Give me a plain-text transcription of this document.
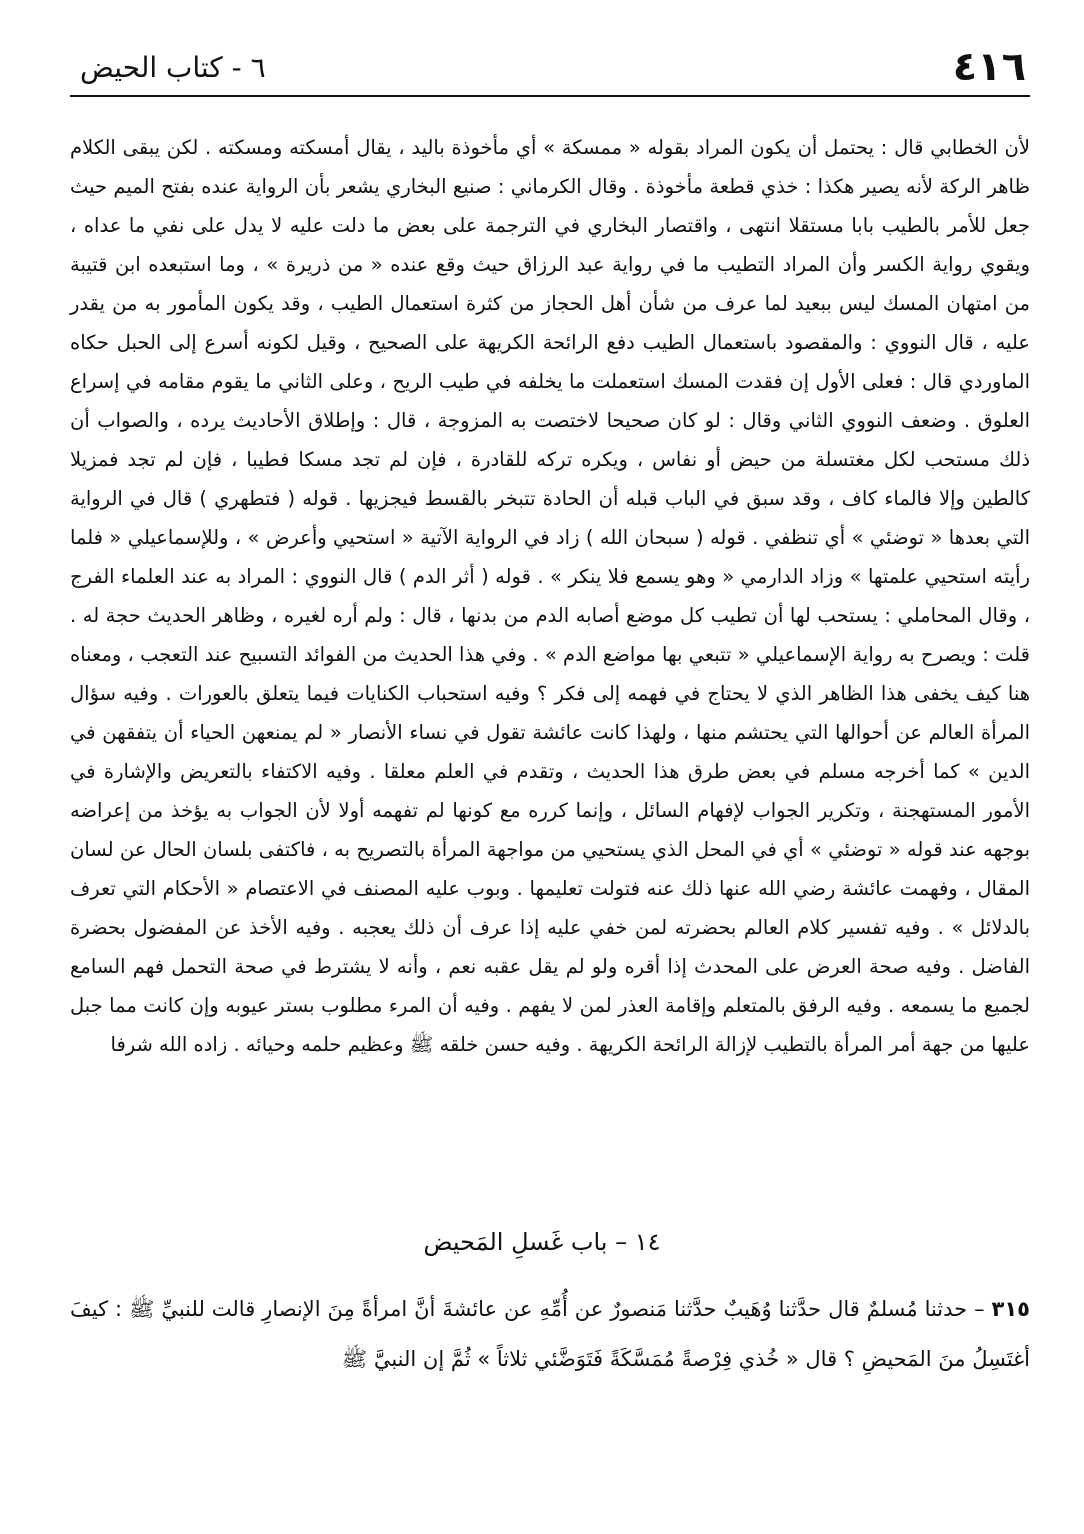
٤١٦
٦ - كتاب الحيض

لأن الخطابي قال : يحتمل أن يكون المراد بقوله « ممسكة » أي مأخوذة باليد ، يقال أمسكته ومسكته . لكن يبقى الكلام ظاهر الركة لأنه يصير هكذا : خذي قطعة مأخوذة . وقال الكرماني : صنيع البخاري يشعر بأن الرواية عنده بفتح الميم حيث جعل للأمر بالطيب بابا مستقلا انتهى ، واقتصار البخاري في الترجمة على بعض ما دلت عليه لا يدل على نفي ما عداه ، ويقوي رواية الكسر وأن المراد التطيب ما في رواية عبد الرزاق حيث وقع عنده « من ذريرة » ، وما استبعده ابن قتيبة من امتهان المسك ليس ببعيد لما عرف من شأن أهل الحجاز من كثرة استعمال الطيب ، وقد يكون المأمور به من يقدر عليه ، قال النووي : والمقصود باستعمال الطيب دفع الرائحة الكريهة على الصحيح ، وقيل لكونه أسرع إلى الحبل حكاه الماوردي قال : فعلى الأول إن فقدت المسك استعملت ما يخلفه في طيب الريح ، وعلى الثاني ما يقوم مقامه في إسراع العلوق . وضعف النووي الثاني وقال : لو كان صحيحا لاختصت به المزوجة ، قال : وإطلاق الأحاديث يرده ، والصواب أن ذلك مستحب لكل مغتسلة من حيض أو نفاس ، ويكره تركه للقادرة ، فإن لم تجد مسكا فطيبا ، فإن لم تجد فمزيلا كالطين وإلا فالماء كاف ، وقد سبق في الباب قبله أن الحادة تتبخر بالقسط فيجزيها . قوله ( فتطهري ) قال في الرواية التي بعدها « توضئي » أي تنظفي . قوله ( سبحان الله ) زاد في الرواية الآتية « استحيي وأعرض » ، وللإسماعيلي « فلما رأيته استحيي علمتها » وزاد الدارمي « وهو يسمع فلا ينكر » . قوله ( أثر الدم ) قال النووي : المراد به عند العلماء الفرج ، وقال المحاملي : يستحب لها أن تطيب كل موضع أصابه الدم من بدنها ، قال : ولم أره لغيره ، وظاهر الحديث حجة له . قلت : ويصرح به رواية الإسماعيلي « تتبعي بها مواضع الدم » . وفي هذا الحديث من الفوائد التسبيح عند التعجب ، ومعناه هنا كيف يخفى هذا الظاهر الذي لا يحتاج في فهمه إلى فكر ؟ وفيه استحباب الكنايات فيما يتعلق بالعورات . وفيه سؤال المرأة العالم عن أحوالها التي يحتشم منها ، ولهذا كانت عائشة تقول في نساء الأنصار « لم يمنعهن الحياء أن يتفقهن في الدين » كما أخرجه مسلم في بعض طرق هذا الحديث ، وتقدم في العلم معلقا . وفيه الاكتفاء بالتعريض والإشارة في الأمور المستهجنة ، وتكرير الجواب لإفهام السائل ، وإنما كرره مع كونها لم تفهمه أولا لأن الجواب به يؤخذ من إعراضه بوجهه عند قوله « توضئي » أي في المحل الذي يستحيي من مواجهة المرأة بالتصريح به ، فاكتفى بلسان الحال عن لسان المقال ، وفهمت عائشة رضي الله عنها ذلك عنه فتولت تعليمها . وبوب عليه المصنف في الاعتصام « الأحكام التي تعرف بالدلائل » . وفيه تفسير كلام العالم بحضرته لمن خفي عليه إذا عرف أن ذلك يعجبه . وفيه الأخذ عن المفضول بحضرة الفاضل . وفيه صحة العرض على المحدث إذا أقره ولو لم يقل عقبه نعم ، وأنه لا يشترط في صحة التحمل فهم السامع لجميع ما يسمعه . وفيه الرفق بالمتعلم وإقامة العذر لمن لا يفهم . وفيه أن المرء مطلوب بستر عيوبه وإن كانت مما جبل عليها من جهة أمر المرأة بالتطيب لإزالة الرائحة الكريهة . وفيه حسن خلقه ﷺ وعظيم حلمه وحيائه . زاده الله شرفا

١٤ – باب غَسلِ المَحيض
٣١٥ – حدثنا مُسلمٌ قال حدَّثنا وُهَيبٌ حدَّثنا مَنصورٌ عن أُمِّهِ عن عائشةَ أنَّ امرأةً مِنَ الإنصارِ قالت للنبيِّ ﷺ : كيفَ أغتَسِلُ منَ المَحيضِ ؟ قال « خُذي فِرْصةً مُمَسَّكَةً فَتَوَضَّئي ثلاثاً » ثُمَّ إن النبيَّ ﷺ
